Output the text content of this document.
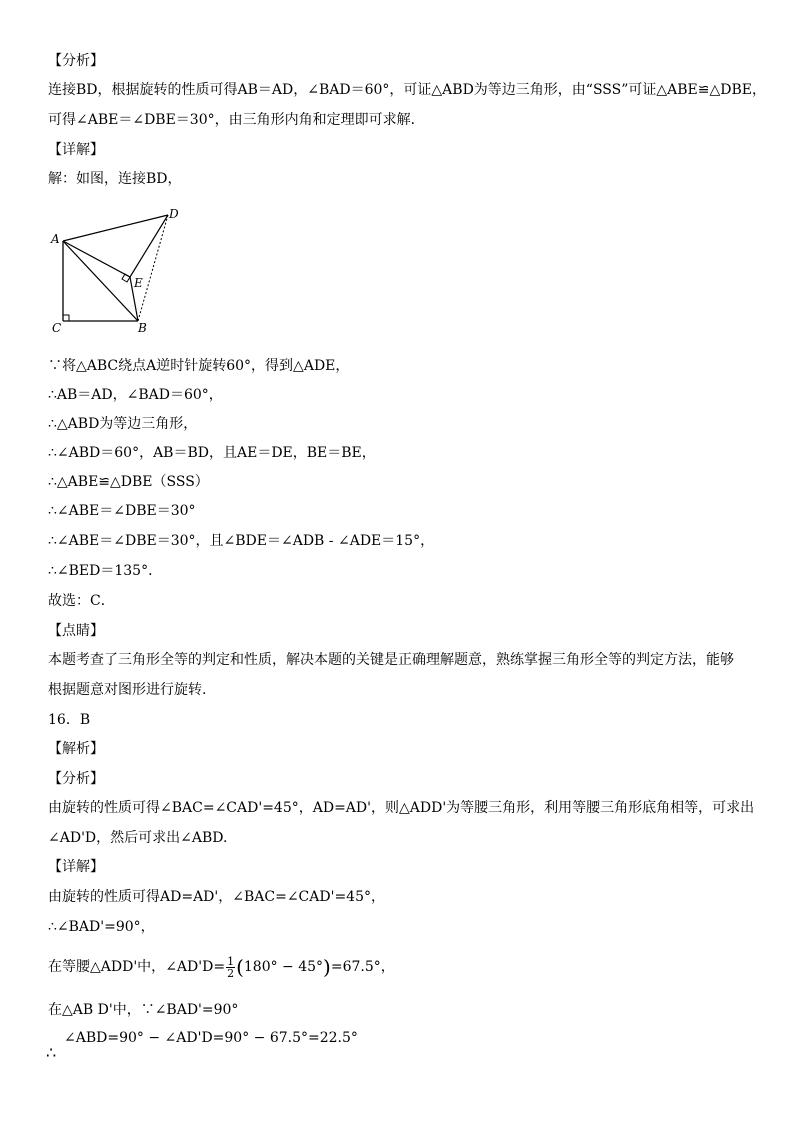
【分析】
连接BD，根据旋转的性质可得AB＝AD，∠BAD＝60°，可证△ABD为等边三角形，由“SSS”可证△ABE≌△DBE，
可得∠ABE＝∠DBE＝30°，由三角形内角和定理即可求解．
【详解】
解：如图，连接BD，
A
B
C
D
E
∵将△ABC绕点A逆时针旋转60°，得到△ADE，
∴AB＝AD，∠BAD＝60°，
∴△ABD为等边三角形，
∴∠ABD＝60°，AB＝BD，且AE＝DE，BE＝BE，
∴△ABE≌△DBE（SSS）
∴∠ABE＝∠DBE＝30°
∴∠ABE＝∠DBE＝30°，且∠BDE＝∠ADB - ∠ADE＝15°，
∴∠BED＝135°．
故选：C．
【点睛】
本题考查了三角形全等的判定和性质，解决本题的关键是正确理解题意，熟练掌握三角形全等的判定方法，能够
根据题意对图形进行旋转.
16．B
【解析】
【分析】
由旋转的性质可得∠BAC=∠CAD'=45°，AD=AD'，则△ADD'为等腰三角形，利用等腰三角形底角相等，可求出
∠AD'D，然后可求出∠ABD.
【详解】
由旋转的性质可得AD=AD'，∠BAC=∠CAD'=45°，
∴∠BAD'=90°，
在等腰△ADD'中，∠AD'D= $\frac{1}{2} (180^\circ - 45^\circ)=67.5^\circ$，
在△AB D'中，∵∠BAD'=90°
∠ABD=90° − ∠AD'D=90° − 67.5°=22.5°
∴
